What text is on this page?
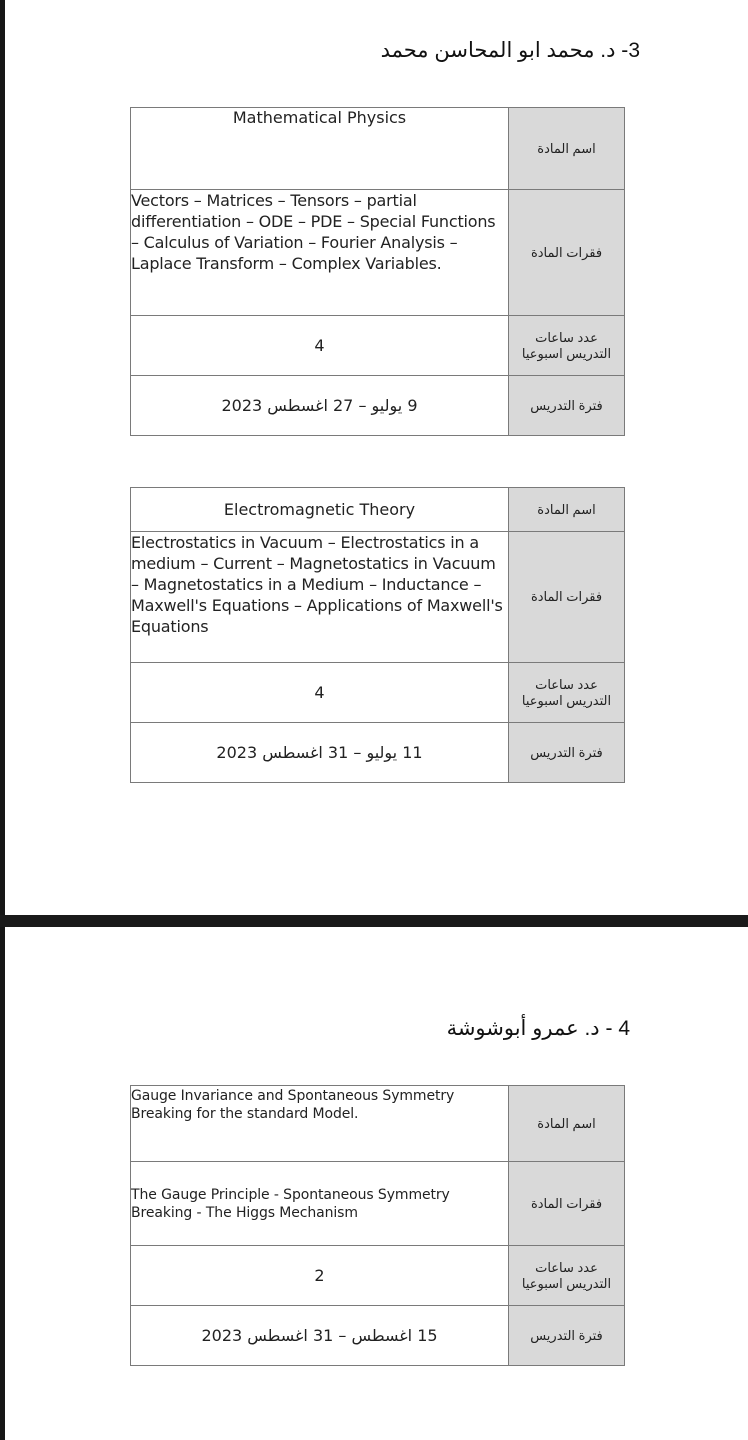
3- د. محمد ابو المحاسن محمد
Mathematical Physics	اسم المادة
Vectors – Matrices – Tensors – partial differentiation – ODE – PDE – Special Functions – Calculus of Variation – Fourier Analysis – Laplace Transform – Complex Variables.	فقرات المادة
4	عدد ساعات
التدريس اسبوعيا

9 يوليو – 27 اغسطس 2023	فترة التدريس
Electromagnetic Theory	اسم المادة
Electrostatics in Vacuum – Electrostatics in a medium – Current – Magnetostatics in Vacuum – Magnetostatics in a Medium – Inductance – Maxwell's Equations – Applications of Maxwell's Equations	فقرات المادة
4	عدد ساعات
التدريس اسبوعيا

11 يوليو – 31 اغسطس 2023	فترة التدريس
4 - د. عمرو أبوشوشة
Gauge Invariance and Spontaneous Symmetry Breaking for the standard Model.	اسم المادة
The Gauge Principle - Spontaneous Symmetry Breaking - The Higgs Mechanism	فقرات المادة
2	عدد ساعات
التدريس اسبوعيا

15 اغسطس – 31 اغسطس 2023	فترة التدريس
